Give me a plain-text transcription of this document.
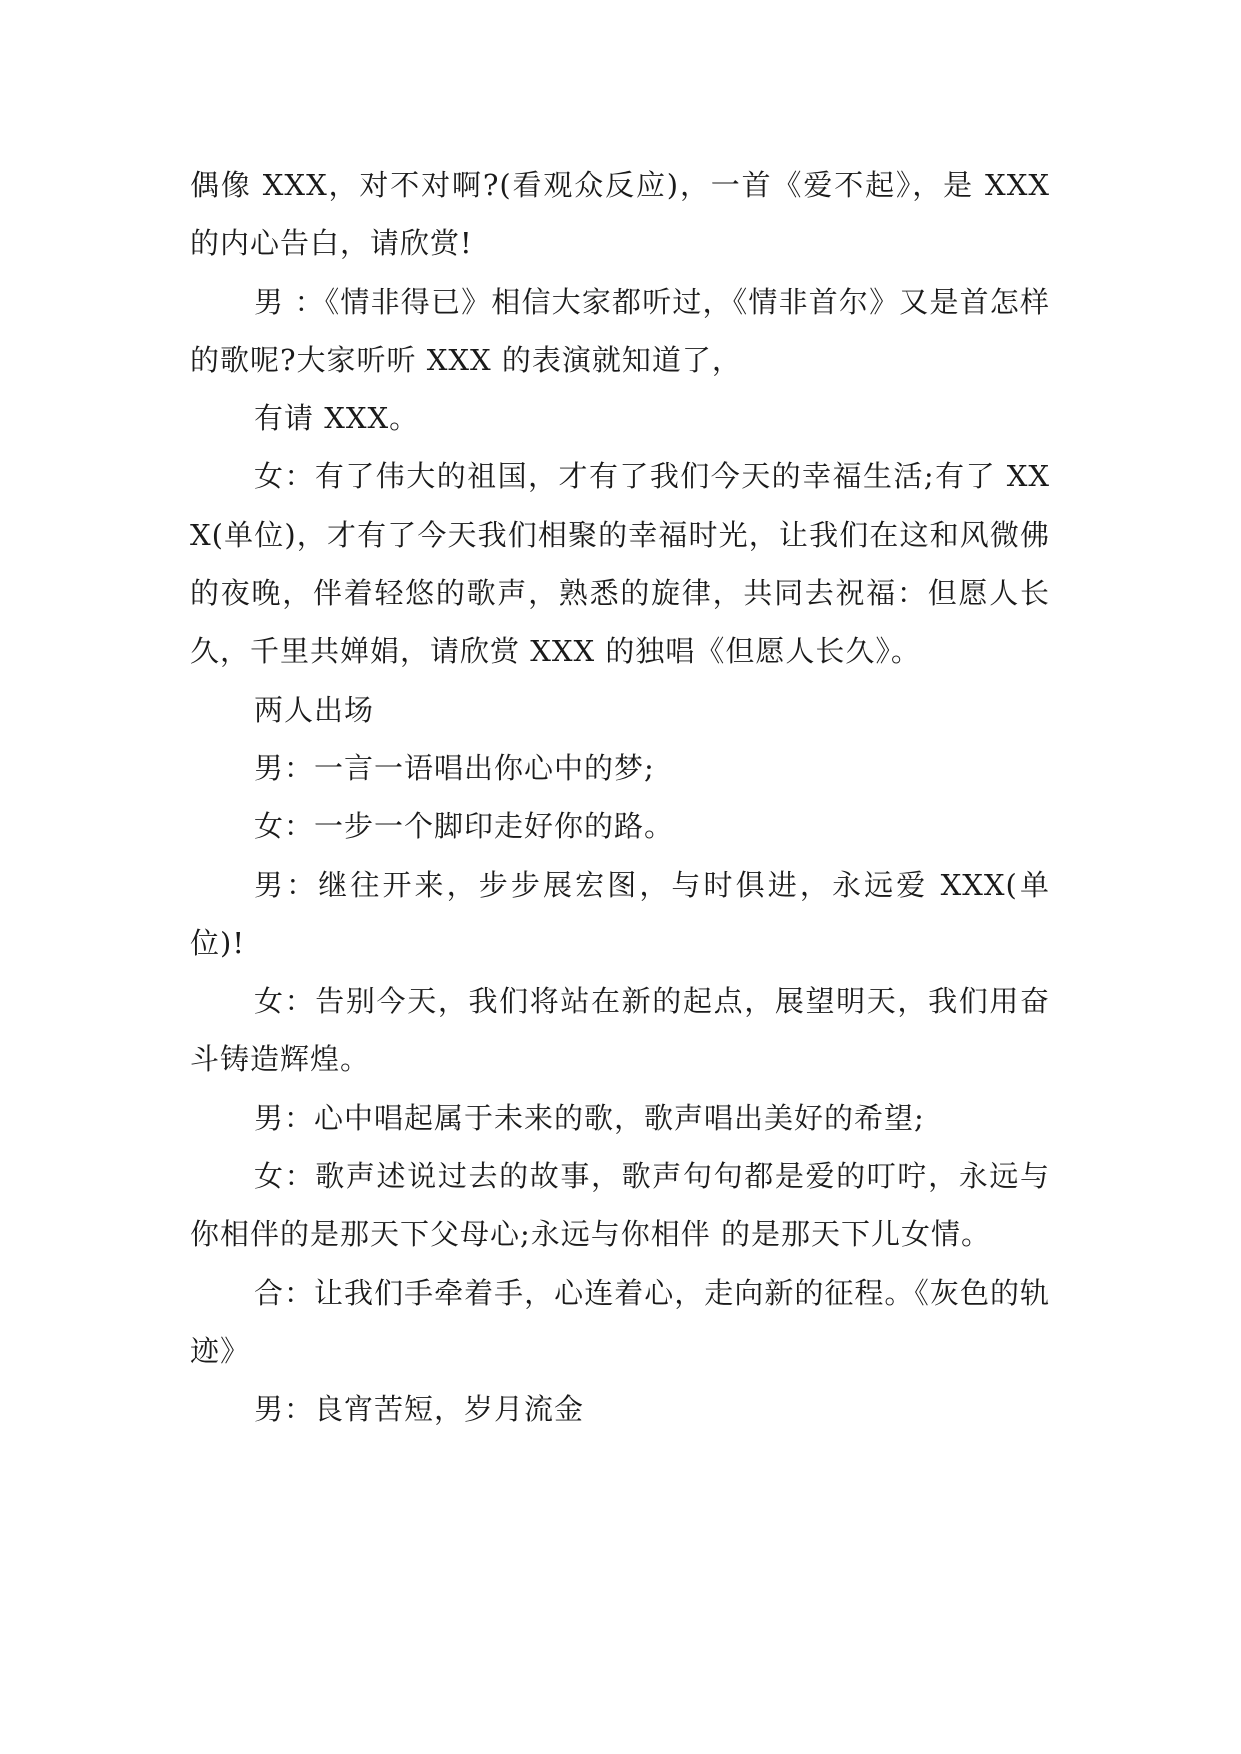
偶像 XXX，对不对啊?(看观众反应)，一首《爱不起》，是 XXX 的内心告白，请欣赏!

男 ：《情非得已》相信大家都听过，《情非首尔》又是首怎样的歌呢?大家听听 XXX 的表演就知道了，

有请 XXX。

女：有了伟大的祖国，才有了我们今天的幸福生活;有了 XXX(单位)，才有了今天我们相聚的幸福时光，让我们在这和风微佛的夜晚，伴着轻悠的歌声，熟悉的旋律，共同去祝福：但愿人长久，千里共婵娟，请欣赏 XXX 的独唱《但愿人长久》。

两人出场

男：一言一语唱出你心中的梦;

女：一步一个脚印走好你的路。

男：继往开来，步步展宏图，与时俱进，永远爱 XXX(单位)!

女：告别今天，我们将站在新的起点，展望明天，我们用奋斗铸造辉煌。

男：心中唱起属于未来的歌，歌声唱出美好的希望;

女：歌声述说过去的故事，歌声句句都是爱的叮咛，永远与你相伴的是那天下父母心;永远与你相伴 的是那天下儿女情。

合：让我们手牵着手，心连着心，走向新的征程。《灰色的轨迹》

男：良宵苦短，岁月流金
